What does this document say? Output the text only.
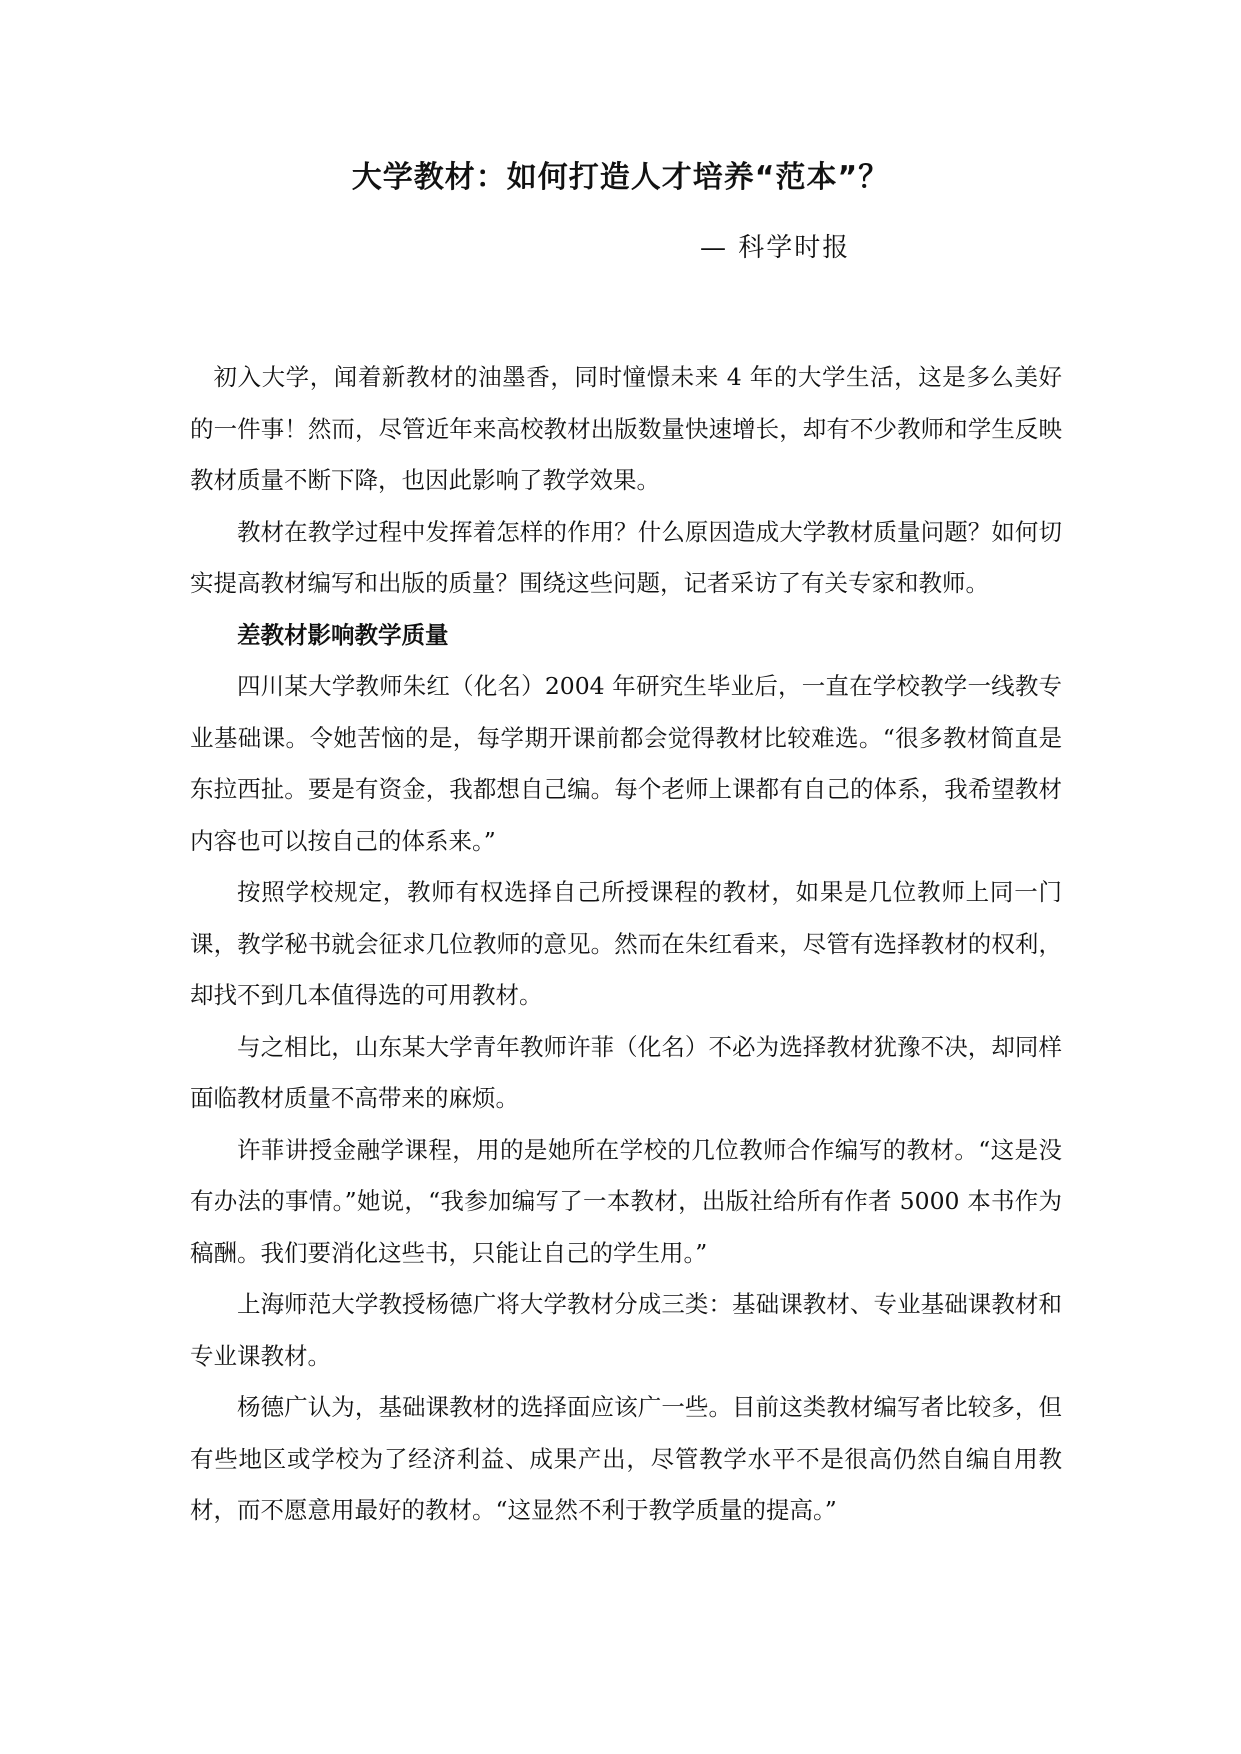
大学教材：如何打造人才培养“范本”？
— 科学时报

初入大学，闻着新教材的油墨香，同时憧憬未来 4 年的大学生活，这是多么美好的一件事！然而，尽管近年来高校教材出版数量快速增长，却有不少教师和学生反映教材质量不断下降，也因此影响了教学效果。

教材在教学过程中发挥着怎样的作用？什么原因造成大学教材质量问题？如何切实提高教材编写和出版的质量？围绕这些问题，记者采访了有关专家和教师。

差教材影响教学质量

四川某大学教师朱红（化名）2004 年研究生毕业后，一直在学校教学一线教专业基础课。令她苦恼的是，每学期开课前都会觉得教材比较难选。“很多教材简直是东拉西扯。要是有资金，我都想自己编。每个老师上课都有自己的体系，我希望教材内容也可以按自己的体系来。”

按照学校规定，教师有权选择自己所授课程的教材，如果是几位教师上同一门课，教学秘书就会征求几位教师的意见。然而在朱红看来，尽管有选择教材的权利，却找不到几本值得选的可用教材。

与之相比，山东某大学青年教师许菲（化名）不必为选择教材犹豫不决，却同样面临教材质量不高带来的麻烦。

许菲讲授金融学课程，用的是她所在学校的几位教师合作编写的教材。“这是没有办法的事情。”她说，“我参加编写了一本教材，出版社给所有作者 5000 本书作为稿酬。我们要消化这些书，只能让自己的学生用。”

上海师范大学教授杨德广将大学教材分成三类：基础课教材、专业基础课教材和专业课教材。

杨德广认为，基础课教材的选择面应该广一些。目前这类教材编写者比较多，但有些地区或学校为了经济利益、成果产出，尽管教学水平不是很高仍然自编自用教材，而不愿意用最好的教材。“这显然不利于教学质量的提高。”
